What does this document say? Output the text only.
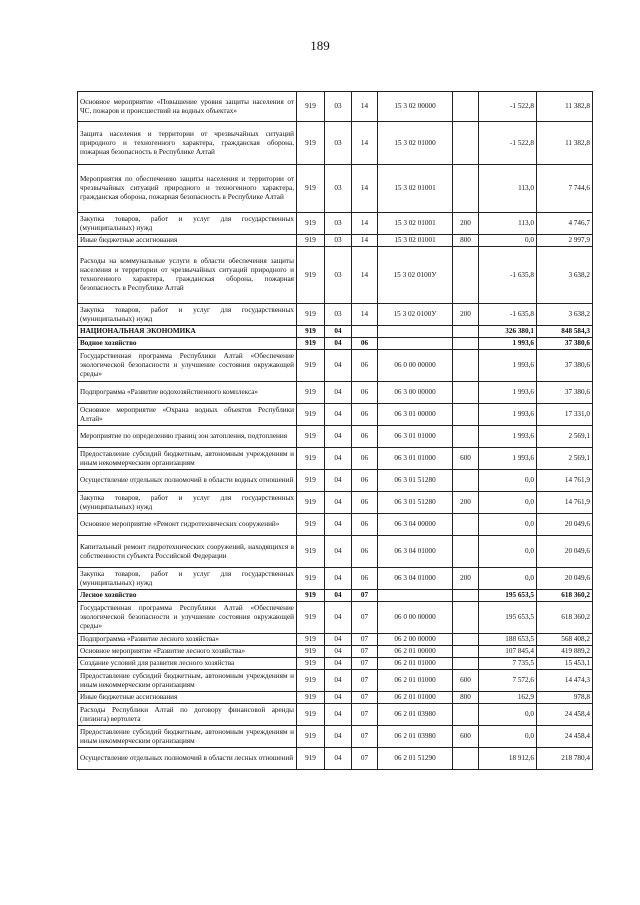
189
Основное мероприятие «Повышение уровня защиты населения от ЧС, пожаров и происшествий на водных объектах»	919	03	14	15 3 02 00000		-1 522,8	11 382,8
Защита населения и территории от чрезвычайных ситуаций природного и техногенного характера, гражданская оборона, пожарная безопасность в Республике Алтай	919	03	14	15 3 02 01000		-1 522,8	11 382,8
Мероприятия по обеспечению защиты населения и территории от чрезвычайных ситуаций природного и техногенного характера, гражданская оборона, пожарная безопасность в Республике Алтай	919	03	14	15 3 02 01001		113,0	7 744,6
Закупка товаров, работ и услуг для государственных (муниципальных) нужд	919	03	14	15 3 02 01001	200	113,0	4 746,7
Иные бюджетные ассигнования	919	03	14	15 3 02 01001	800	0,0	2 997,9
Расходы на коммунальные услуги в области обеспечения защиты населения и территории от чрезвычайных ситуаций природного и техногенного характера, гражданская оборона, пожарная безопасность в Республике Алтай	919	03	14	15 3 02 0100У		-1 635,8	3 638,2
Закупка товаров, работ и услуг для государственных (муниципальных) нужд	919	03	14	15 3 02 0100У	200	-1 635,8	3 638,2
НАЦИОНАЛЬНАЯ ЭКОНОМИКА	919	04				326 380,1	848 584,3
Водное хозяйство	919	04	06			1 993,6	37 380,6
Государственная программа Республики Алтай «Обеспечение экологической безопасности и улучшение состояния окружающей среды»	919	04	06	06 0 00 00000		1 993,6	37 380,6
Подпрограмма «Развитие водохозяйственного комплекса»	919	04	06	06 3 00 00000		1 993,6	37 380,6
Основное мероприятие «Охрана водных объектов Республики Алтай»	919	04	06	06 3 01 00000		1 993,6	17 331,0
Мероприятие по определению границ зон затопления, подтопления	919	04	06	06 3 01 01000		1 993,6	2 569,1
Предоставление субсидий бюджетным, автономным учреждениям и иным некоммерческим организациям	919	04	06	06 3 01 01000	600	1 993,6	2 569,1
Осуществление отдельных полномочий в области водных отношений	919	04	06	06 3 01 51280		0,0	14 761,9
Закупка товаров, работ и услуг для государственных (муниципальных) нужд	919	04	06	06 3 01 51280	200	0,0	14 761,9
Основное мероприятие «Ремонт гидротехнических сооружений»	919	04	06	06 3 04 00000		0,0	20 049,6
Капитальный ремонт гидротехнических сооружений, находящихся в собственности субъекта Российской Федерации	919	04	06	06 3 04 01000		0,0	20 049,6
Закупка товаров, работ и услуг для государственных (муниципальных) нужд	919	04	06	06 3 04 01000	200	0,0	20 049,6
Лесное хозяйство	919	04	07			195 653,5	618 360,2
Государственная программа Республики Алтай «Обеспечение экологической безопасности и улучшение состояния окружающей среды»	919	04	07	06 0 00 00000		195 653,5	618 360,2
Подпрограмма «Развитие лесного хозяйства»	919	04	07	06 2 00 00000		188 653,5	568 408,2
Основное мероприятие «Развитие лесного хозяйства»	919	04	07	06 2 01 00000		107 845,4	419 889,2
Создание условий для развития лесного хозяйства	919	04	07	06 2 01 01000		7 735,5	15 453,1
Предоставление субсидий бюджетным, автономным учреждениям и иным некоммерческим организациям	919	04	07	06 2 01 01000	600	7 572,6	14 474,3
Иные бюджетные ассигнования	919	04	07	06 2 01 01000	800	162,9	978,8
Расходы Республики Алтай по договору финансовой аренды (лизинга) вертолета	919	04	07	06 2 01 03980		0,0	24 458,4
Предоставление субсидий бюджетным, автономным учреждениям и иным некоммерческим организациям	919	04	07	06 2 01 03980	600	0,0	24 458,4
Осуществление отдельных полномочий в области лесных отношений	919	04	07	06 2 01 51290		18 912,6	218 780,4
